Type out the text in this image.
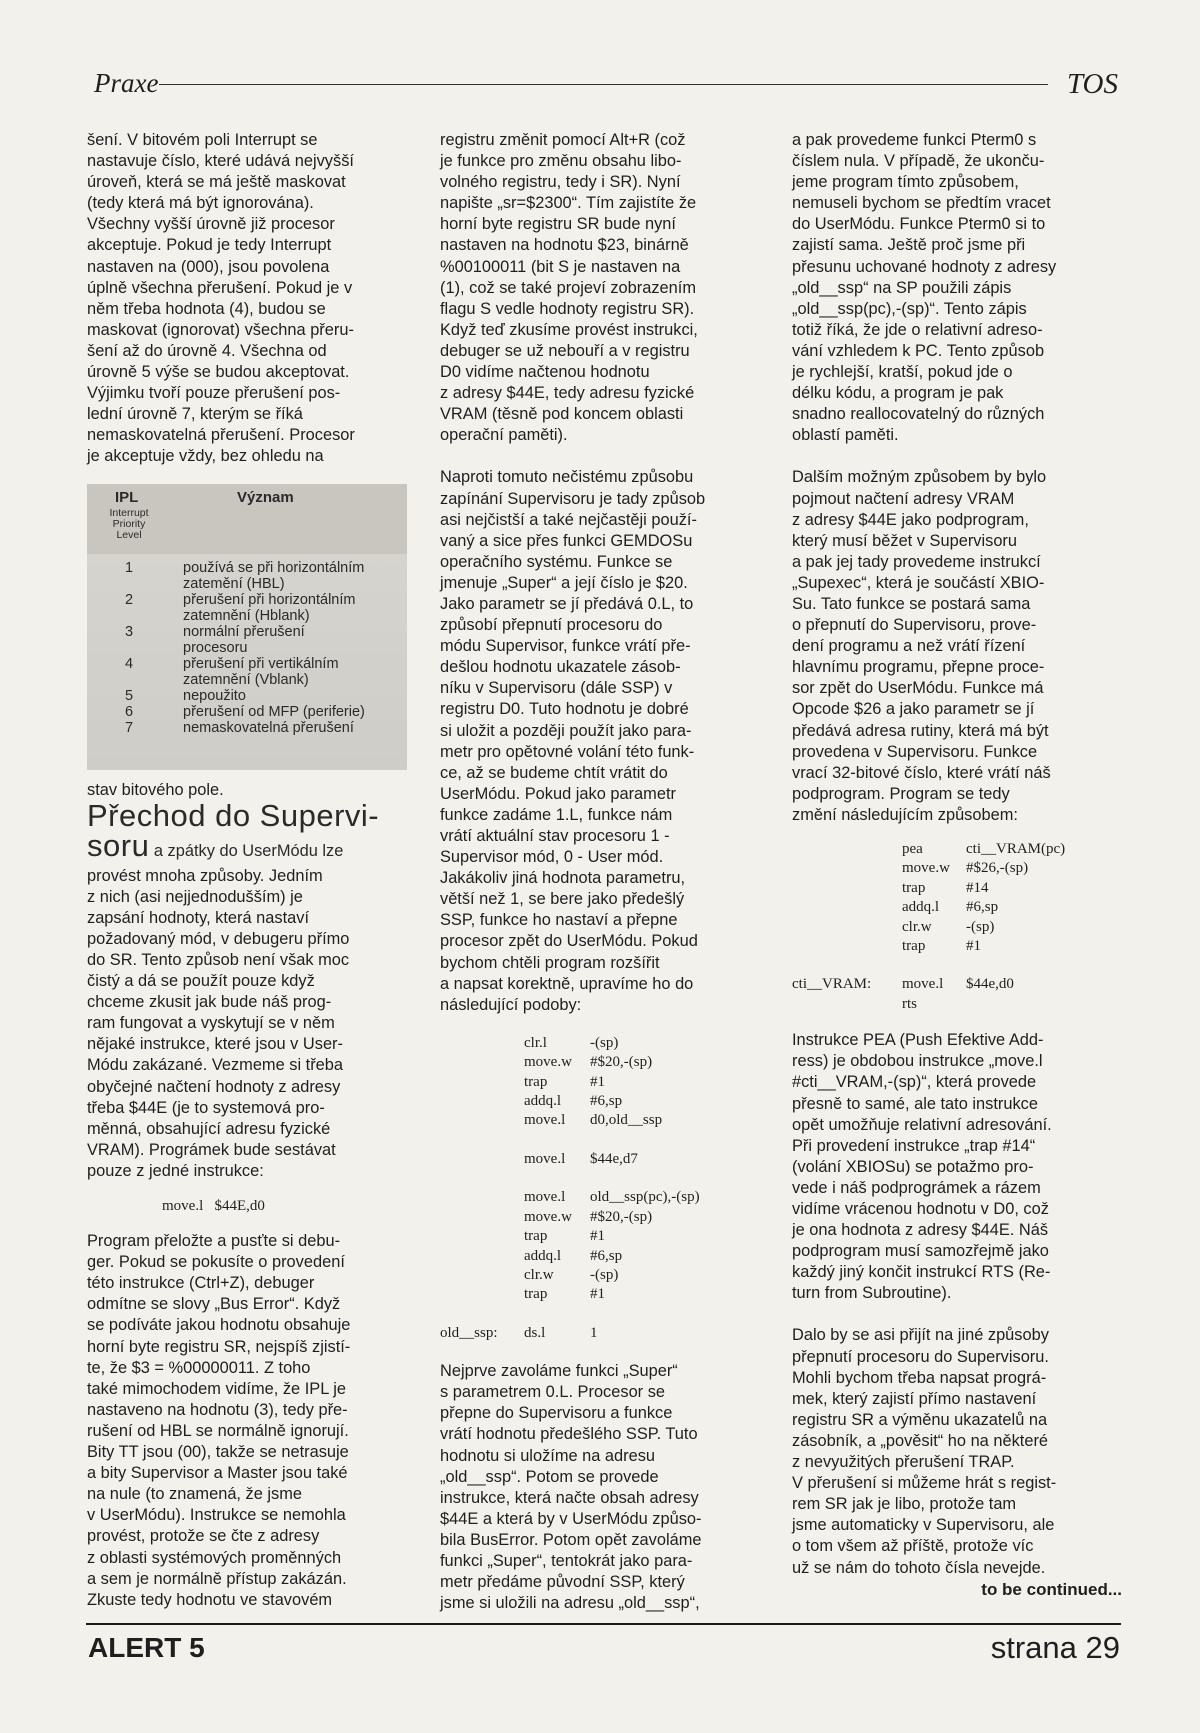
Praxe	TOS

šení. V bitovém poli Interrupt se
nastavuje číslo, které udává nejvyšší
úroveň, která se má ještě maskovat
(tedy která má být ignorována).
Všechny vyšší úrovně již procesor
akceptuje. Pokud je tedy Interrupt
nastaven na (000), jsou povolena
úplně všechna přerušení. Pokud je v
něm třeba hodnota (4), budou se
maskovat (ignorovat) všechna přeru-
šení až do úrovně 4. Všechna od
úrovně 5 výše se budou akceptovat.
Výjimku tvoří pouze přerušení pos-
lední úrovně 7, kterým se říká
nemaskovatelná přerušení. Procesor
je akceptuje vždy, bez ohledu na

IPL
Interrupt
Priority
Level
Význam
1	používá se při horizontálním
zatemění (HBL)
2	přerušení při horizontálním
zatemnění (Hblank)
3	normální přerušení
procesoru
4	přerušení při vertikálním
zatemnění (Vblank)
5	nepoužito
6	přerušení od MFP (periferie)
7	nemaskovatelná přerušení

stav bitového pole.

Přechod do Supervi-
soru a zpátky do UserMódu lze

provést mnoha způsoby. Jedním
z nich (asi nejjednodušším) je
zapsání hodnoty, která nastaví
požadovaný mód, v debugeru přímo
do SR. Tento způsob není však moc
čistý a dá se použít pouze když
chceme zkusit jak bude náš prog-
ram fungovat a vyskytují se v něm
nějaké instrukce, které jsou v User-
Módu zakázané. Vezmeme si třeba
obyčejné načtení hodnoty z adresy
třeba $44E (je to systemová pro-
měnná, obsahující adresu fyzické
VRAM). Prográmek bude sestávat
pouze z jedné instrukce:

move.l   $44E,d0

Program přeložte a pusťte si debu-
ger. Pokud se pokusíte o provedení
této instrukce (Ctrl+Z), debuger
odmítne se slovy „Bus Error“. Když
se podíváte jakou hodnotu obsahuje
horní byte registru SR, nejspíš zjistí-
te, že $3 = %00000011. Z toho
také mimochodem vidíme, že IPL je
nastaveno na hodnotu (3), tedy pře-
rušení od HBL se normálně ignorují.
Bity TT jsou (00), takže se netrasuje
a bity Supervisor a Master jsou také
na nule (to znamená, že jsme
v UserMódu). Instrukce se nemohla
provést, protože se čte z adresy
z oblasti systémových proměnných
a sem je normálně přístup zakázán.
Zkuste tedy hodnotu ve stavovém

registru změnit pomocí Alt+R (což
je funkce pro změnu obsahu libo-
volného registru, tedy i SR). Nyní
napište „sr=$2300“. Tím zajistíte že
horní byte registru SR bude nyní
nastaven na hodnotu $23, binárně
%00100011 (bit S je nastaven na
(1), což se také projeví zobrazením
flagu S vedle hodnoty registru SR).
Když teď zkusíme provést instrukci,
debuger se už nebouří a v registru
D0 vidíme načtenou hodnotu
z adresy $44E, tedy adresu fyzické
VRAM (těsně pod koncem oblasti
operační paměti).

Naproti tomuto nečistému způsobu
zapínání Supervisoru je tady způsob
asi nejčistší a také nejčastěji použí-
vaný a sice přes funkci GEMDOSu
operačního systému. Funkce se
jmenuje „Super“ a její číslo je $20.
Jako parametr se jí předává 0.L, to
způsobí přepnutí procesoru do
módu Supervisor, funkce vrátí pře-
dešlou hodnotu ukazatele zásob-
níku v Supervisoru (dále SSP) v
registru D0. Tuto hodnotu je dobré
si uložit a později použít jako para-
metr pro opětovné volání této funk-
ce, až se budeme chtít vrátit do
UserMódu. Pokud jako parametr
funkce zadáme 1.L, funkce nám
vrátí aktuální stav procesoru 1 -
Supervisor mód, 0 - User mód.
Jakákoliv jiná hodnota parametru,
větší než 1, se bere jako předešlý
SSP, funkce ho nastaví a přepne
procesor zpět do UserMódu. Pokud
bychom chtěli program rozšířit
a napsat korektně, upravíme ho do
následující podoby:

	clr.l	-(sp)
	move.w	#$20,-(sp)
	trap	#1
	addq.l	#6,sp
	move.l	d0,old__ssp

	move.l	$44e,d7

	move.l	old__ssp(pc),-(sp)
	move.w	#$20,-(sp)
	trap	#1
	addq.l	#6,sp
	clr.w	-(sp)
	trap	#1

old__ssp:	ds.l	1

Nejprve zavoláme funkci „Super“
s parametrem 0.L. Procesor se
přepne do Supervisoru a funkce
vrátí hodnotu předešlého SSP. Tuto
hodnotu si uložíme na adresu
„old__ssp“. Potom se provede
instrukce, která načte obsah adresy
$44E a která by v UserMódu způso-
bila BusError. Potom opět zavoláme
funkci „Super“, tentokrát jako para-
metr předáme původní SSP, který
jsme si uložili na adresu „old__ssp“,

a pak provedeme funkci Pterm0 s
číslem nula. V případě, že ukonču-
jeme program tímto způsobem,
nemuseli bychom se předtím vracet
do UserMódu. Funkce Pterm0 si to
zajistí sama. Ještě proč jsme při
přesunu uchované hodnoty z adresy
„old__ssp“ na SP použili zápis
„old__ssp(pc),-(sp)“. Tento zápis
totiž říká, že jde o relativní adreso-
vání vzhledem k PC. Tento způsob
je rychlejší, kratší, pokud jde o
délku kódu, a program je pak
snadno reallocovatelný do různých
oblastí paměti.

Dalším možným způsobem by bylo
pojmout načtení adresy VRAM
z adresy $44E jako podprogram,
který musí běžet v Supervisoru
a pak jej tady provedeme instrukcí
„Supexec“, která je součástí XBIO-
Su. Tato funkce se postará sama
o přepnutí do Supervisoru, prove-
dení programu a než vrátí řízení
hlavnímu programu, přepne proce-
sor zpět do UserMódu. Funkce má
Opcode $26 a jako parametr se jí
předává adresa rutiny, která má být
provedena v Supervisoru. Funkce
vrací 32-bitové číslo, které vrátí náš
podprogram. Program se tedy
změní následujícím způsobem:

	pea	cti__VRAM(pc)
	move.w	#$26,-(sp)
	trap	#14
	addq.l	#6,sp
	clr.w	-(sp)
	trap	#1

cti__VRAM:	move.l	$44e,d0
	rts	

Instrukce PEA (Push Efektive Add-
ress) je obdobou instrukce „move.l
#cti__VRAM,-(sp)“, která provede
přesně to samé, ale tato instrukce
opět umožňuje relativní adresování.
Při provedení instrukce „trap #14“
(volání XBIOSu) se potažmo pro-
vede i náš podprográmek a rázem
vidíme vrácenou hodnotu v D0, což
je ona hodnota z adresy $44E. Náš
podprogram musí samozřejmě jako
každý jiný končit instrukcí RTS (Re-
turn from Subroutine).

Dalo by se asi přijít na jiné způsoby
přepnutí procesoru do Supervisoru.
Mohli bychom třeba napsat prográ-
mek, který zajistí přímo nastavení
registru SR a výměnu ukazatelů na
zásobník, a „pověsit“ ho na některé
z nevyužitých přerušení TRAP.
V přerušení si můžeme hrát s regist-
rem SR jak je libo, protože tam
jsme automaticky v Supervisoru, ale
o tom všem až příště, protože víc
už se nám do tohoto čísla nevejde.

to be continued...
ALERT 5	strana 29
